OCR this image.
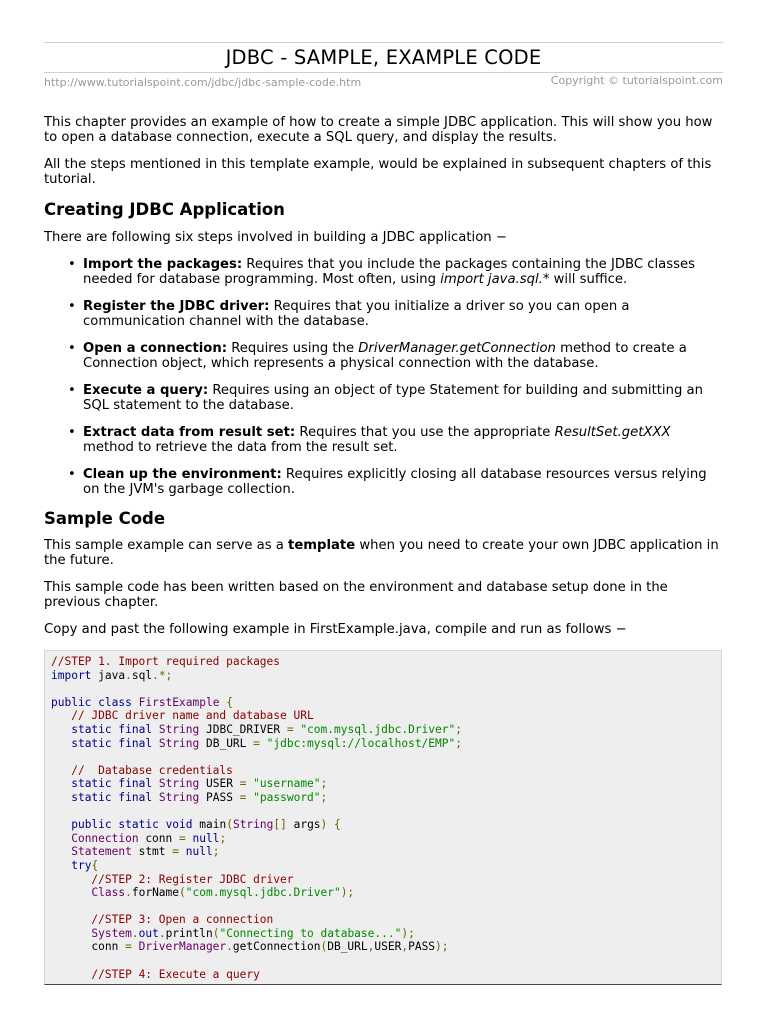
JDBC - SAMPLE, EXAMPLE CODE
http://www.tutorialspoint.com/jdbc/jdbc-sample-code.htm	Copyright © tutorialspoint.com

This chapter provides an example of how to create a simple JDBC application. This will show you how to open a database connection, execute a SQL query, and display the results.

All the steps mentioned in this template example, would be explained in subsequent chapters of this tutorial.

Creating JDBC Application

There are following six steps involved in building a JDBC application −

• Import the packages: Requires that you include the packages containing the JDBC classes needed for database programming. Most often, using import java.sql.* will suffice.
• Register the JDBC driver: Requires that you initialize a driver so you can open a communication channel with the database.
• Open a connection: Requires using the DriverManager.getConnection method to create a Connection object, which represents a physical connection with the database.
• Execute a query: Requires using an object of type Statement for building and submitting an SQL statement to the database.
• Extract data from result set: Requires that you use the appropriate ResultSet.getXXX method to retrieve the data from the result set.
• Clean up the environment: Requires explicitly closing all database resources versus relying on the JVM's garbage collection.
Sample Code

This sample example can serve as a template when you need to create your own JDBC application in the future.

This sample code has been written based on the environment and database setup done in the previous chapter.

Copy and past the following example in FirstExample.java, compile and run as follows −

//STEP 1. Import required packages
import java.sql.*;

public class FirstExample {
// JDBC driver name and database URL
static final String JDBC_DRIVER = "com.mysql.jdbc.Driver";
static final String DB_URL = "jdbc:mysql://localhost/EMP";

//  Database credentials
static final String USER = "username";
static final String PASS = "password";

public static void main(String[] args) {
Connection conn = null;
Statement stmt = null;
try{
//STEP 2: Register JDBC driver
Class.forName("com.mysql.jdbc.Driver");

//STEP 3: Open a connection
System.out.println("Connecting to database...");
conn = DriverManager.getConnection(DB_URL,USER,PASS);

//STEP 4: Execute a query
